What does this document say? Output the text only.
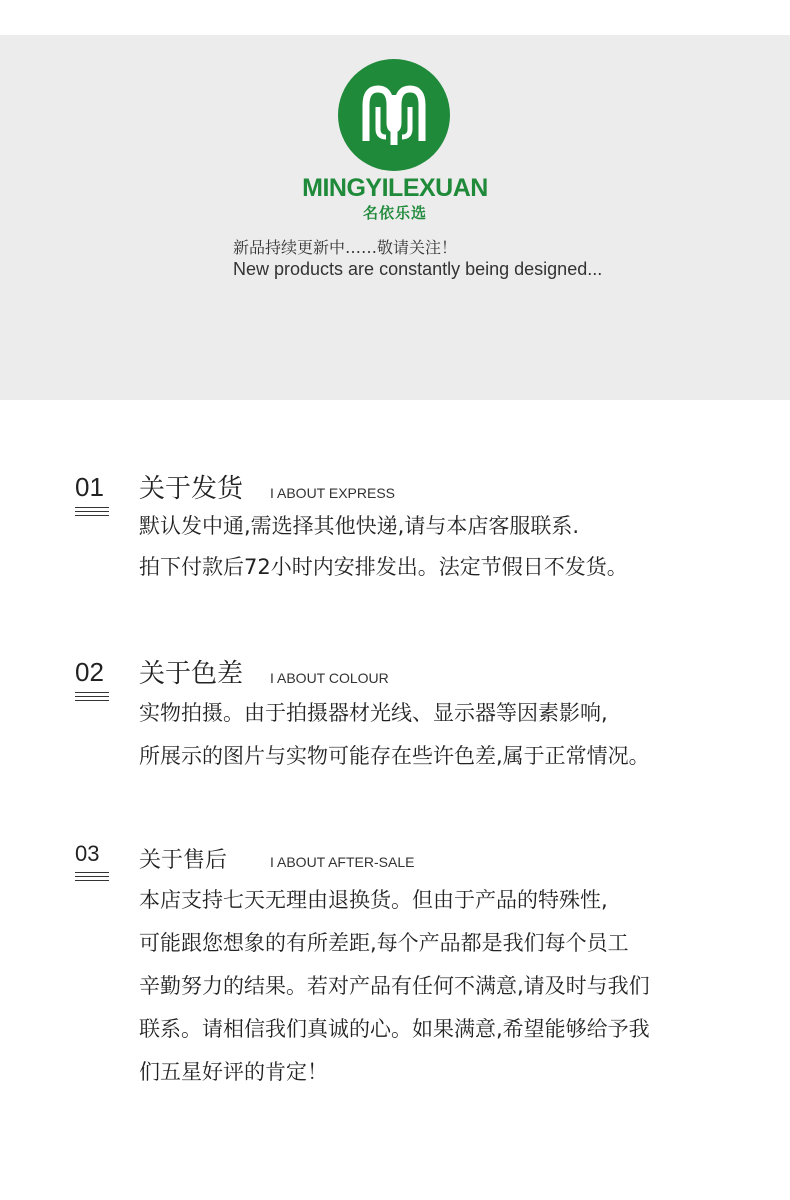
MINGYILEXUAN
名依乐选
新品持续更新中……敬请关注！
New products are constantly being designed...
01 关于发货 I ABOUT EXPRESS
默认发中通,需选择其他快递,请与本店客服联系.
拍下付款后72小时内安排发出。法定节假日不发货。
02 关于色差 I ABOUT COLOUR
实物拍摄。由于拍摄器材光线、显示器等因素影响,
所展示的图片与实物可能存在些许色差,属于正常情况。
03 关于售后	I ABOUT AFTER-SALE
本店支持七天无理由退换货。但由于产品的特殊性,
可能跟您想象的有所差距,每个产品都是我们每个员工
辛勤努力的结果。若对产品有任何不满意,请及时与我们
联系。请相信我们真诚的心。如果满意,希望能够给予我
们五星好评的肯定！
